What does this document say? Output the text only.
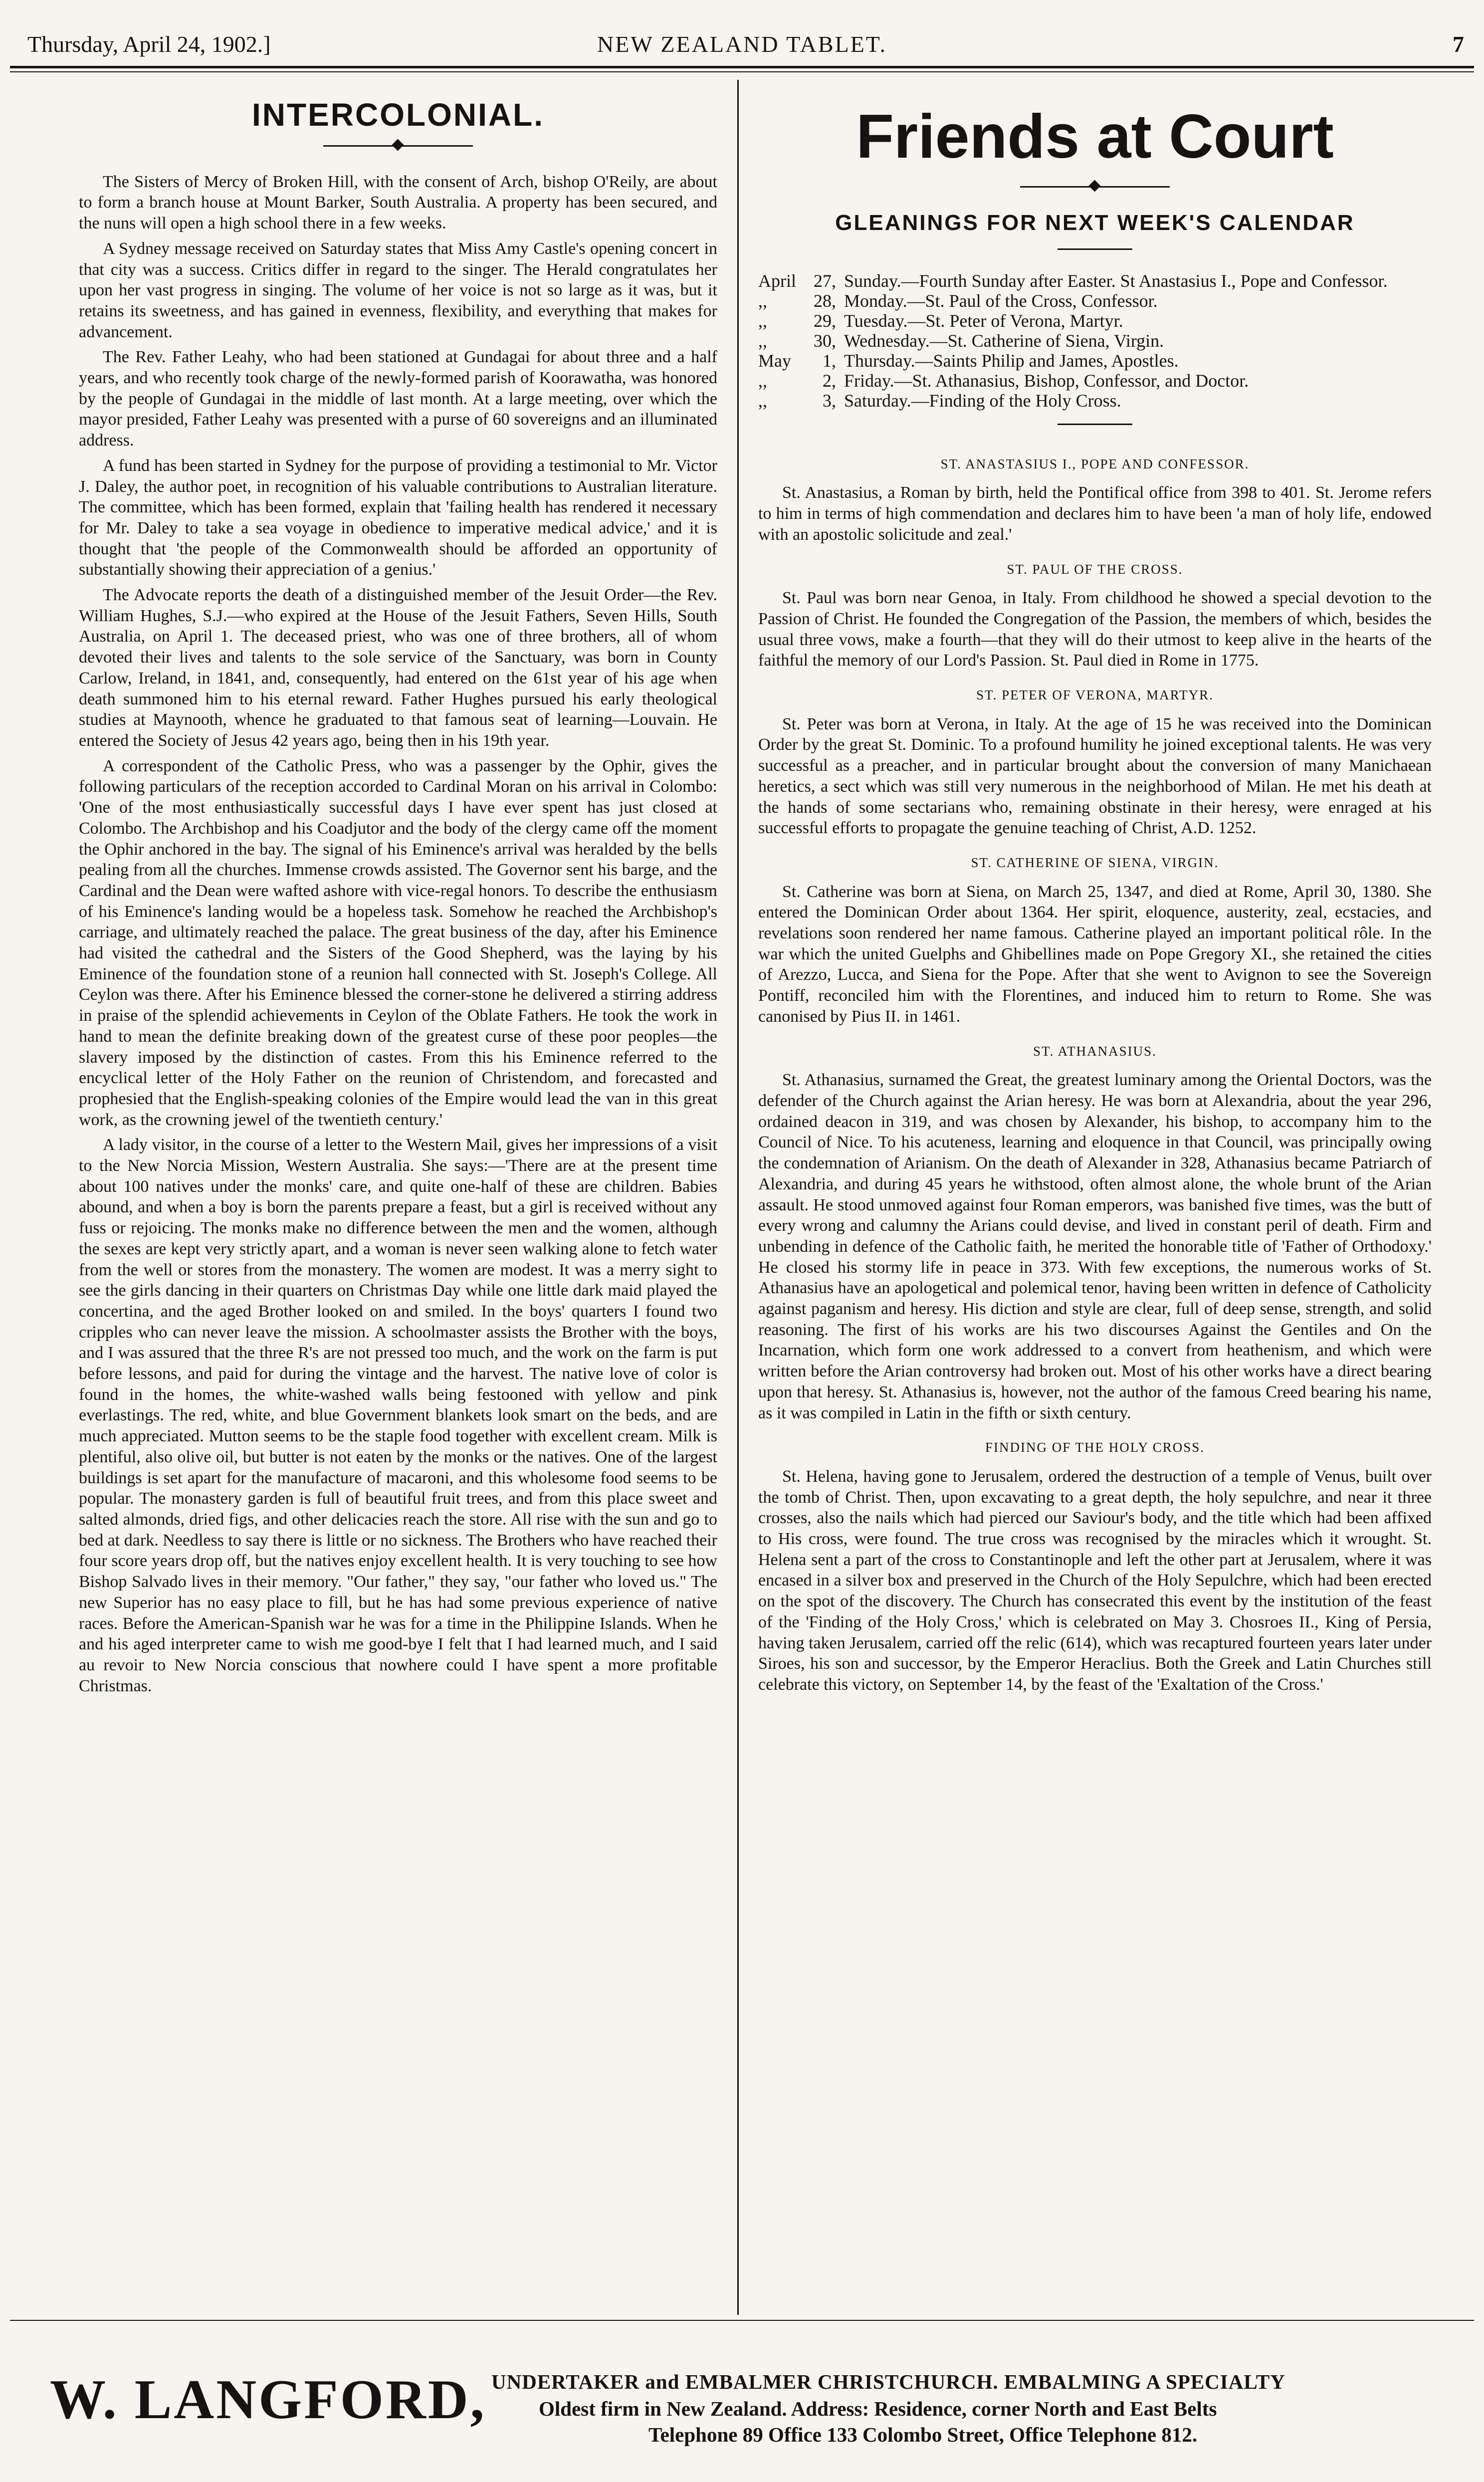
Thursday, April 24, 1902.]	NEW ZEALAND TABLET.	7
INTERCOLONIAL.

The Sisters of Mercy of Broken Hill, with the consent of Arch, bishop O'Reily, are about to form a branch house at Mount Barker, South Australia. A property has been secured, and the nuns will open a high school there in a few weeks.

A Sydney message received on Saturday states that Miss Amy Castle's opening concert in that city was a success. Critics differ in regard to the singer. The Herald congratulates her upon her vast progress in singing. The volume of her voice is not so large as it was, but it retains its sweetness, and has gained in evenness, flexibility, and everything that makes for advancement.

The Rev. Father Leahy, who had been stationed at Gundagai for about three and a half years, and who recently took charge of the newly-formed parish of Koorawatha, was honored by the people of Gundagai in the middle of last month. At a large meeting, over which the mayor presided, Father Leahy was presented with a purse of 60 sovereigns and an illuminated address.

A fund has been started in Sydney for the purpose of providing a testimonial to Mr. Victor J. Daley, the author poet, in recognition of his valuable contributions to Australian literature. The committee, which has been formed, explain that 'failing health has rendered it necessary for Mr. Daley to take a sea voyage in obedience to imperative medical advice,' and it is thought that 'the people of the Commonwealth should be afforded an opportunity of substantially showing their appreciation of a genius.'

The Advocate reports the death of a distinguished member of the Jesuit Order—the Rev. William Hughes, S.J.—who expired at the House of the Jesuit Fathers, Seven Hills, South Australia, on April 1. The deceased priest, who was one of three brothers, all of whom devoted their lives and talents to the sole service of the Sanctuary, was born in County Carlow, Ireland, in 1841, and, consequently, had entered on the 61st year of his age when death summoned him to his eternal reward. Father Hughes pursued his early theological studies at Maynooth, whence he graduated to that famous seat of learning—Louvain. He entered the Society of Jesus 42 years ago, being then in his 19th year.

A correspondent of the Catholic Press, who was a passenger by the Ophir, gives the following particulars of the reception accorded to Cardinal Moran on his arrival in Colombo: 'One of the most enthusiastically successful days I have ever spent has just closed at Colombo. The Archbishop and his Coadjutor and the body of the clergy came off the moment the Ophir anchored in the bay. The signal of his Eminence's arrival was heralded by the bells pealing from all the churches. Immense crowds assisted. The Governor sent his barge, and the Cardinal and the Dean were wafted ashore with vice-regal honors. To describe the enthusiasm of his Eminence's landing would be a hopeless task. Somehow he reached the Archbishop's carriage, and ultimately reached the palace. The great business of the day, after his Eminence had visited the cathedral and the Sisters of the Good Shepherd, was the laying by his Eminence of the foundation stone of a reunion hall connected with St. Joseph's College. All Ceylon was there. After his Eminence blessed the corner-stone he delivered a stirring address in praise of the splendid achievements in Ceylon of the Oblate Fathers. He took the work in hand to mean the definite breaking down of the greatest curse of these poor peoples—the slavery imposed by the distinction of castes. From this his Eminence referred to the encyclical letter of the Holy Father on the reunion of Christendom, and forecasted and prophesied that the English-speaking colonies of the Empire would lead the van in this great work, as the crowning jewel of the twentieth century.'

A lady visitor, in the course of a letter to the Western Mail, gives her impressions of a visit to the New Norcia Mission, Western Australia. She says:—'There are at the present time about 100 natives under the monks' care, and quite one-half of these are children. Babies abound, and when a boy is born the parents prepare a feast, but a girl is received without any fuss or rejoicing. The monks make no difference between the men and the women, although the sexes are kept very strictly apart, and a woman is never seen walking alone to fetch water from the well or stores from the monastery. The women are modest. It was a merry sight to see the girls dancing in their quarters on Christmas Day while one little dark maid played the concertina, and the aged Brother looked on and smiled. In the boys' quarters I found two cripples who can never leave the mission. A schoolmaster assists the Brother with the boys, and I was assured that the three R's are not pressed too much, and the work on the farm is put before lessons, and paid for during the vintage and the harvest. The native love of color is found in the homes, the white-washed walls being festooned with yellow and pink everlastings. The red, white, and blue Government blankets look smart on the beds, and are much appreciated. Mutton seems to be the staple food together with excellent cream. Milk is plentiful, also olive oil, but butter is not eaten by the monks or the natives. One of the largest buildings is set apart for the manufacture of macaroni, and this wholesome food seems to be popular. The monastery garden is full of beautiful fruit trees, and from this place sweet and salted almonds, dried figs, and other delicacies reach the store. All rise with the sun and go to bed at dark. Needless to say there is little or no sickness. The Brothers who have reached their four score years drop off, but the natives enjoy excellent health. It is very touching to see how Bishop Salvado lives in their memory. "Our father," they say, "our father who loved us." The new Superior has no easy place to fill, but he has had some previous experience of native races. Before the American-Spanish war he was for a time in the Philippine Islands. When he and his aged interpreter came to wish me good-bye I felt that I had learned much, and I said au revoir to New Norcia conscious that nowhere could I have spent a more profitable Christmas.

Friends at Court
GLEANINGS FOR NEXT WEEK'S CALENDAR
April	27,	Sunday.—Fourth Sunday after Easter. St Anastasius I., Pope and Confessor.
,,	28,	Monday.—St. Paul of the Cross, Confessor.
,,	29,	Tuesday.—St. Peter of Verona, Martyr.
,,	30,	Wednesday.—St. Catherine of Siena, Virgin.
May	1,	Thursday.—Saints Philip and James, Apostles.
,,	2,	Friday.—St. Athanasius, Bishop, Confessor, and Doctor.
,,	3,	Saturday.—Finding of the Holy Cross.
ST. ANASTASIUS I., POPE AND CONFESSOR.

St. Anastasius, a Roman by birth, held the Pontifical office from 398 to 401. St. Jerome refers to him in terms of high commendation and declares him to have been 'a man of holy life, endowed with an apostolic solicitude and zeal.'

ST. PAUL OF THE CROSS.

St. Paul was born near Genoa, in Italy. From childhood he showed a special devotion to the Passion of Christ. He founded the Congregation of the Passion, the members of which, besides the usual three vows, make a fourth—that they will do their utmost to keep alive in the hearts of the faithful the memory of our Lord's Passion. St. Paul died in Rome in 1775.

ST. PETER OF VERONA, MARTYR.

St. Peter was born at Verona, in Italy. At the age of 15 he was received into the Dominican Order by the great St. Dominic. To a profound humility he joined exceptional talents. He was very successful as a preacher, and in particular brought about the conversion of many Manichaean heretics, a sect which was still very numerous in the neighborhood of Milan. He met his death at the hands of some sectarians who, remaining obstinate in their heresy, were enraged at his successful efforts to propagate the genuine teaching of Christ, A.D. 1252.

ST. CATHERINE OF SIENA, VIRGIN.

St. Catherine was born at Siena, on March 25, 1347, and died at Rome, April 30, 1380. She entered the Dominican Order about 1364. Her spirit, eloquence, austerity, zeal, ecstacies, and revelations soon rendered her name famous. Catherine played an important political rôle. In the war which the united Guelphs and Ghibellines made on Pope Gregory XI., she retained the cities of Arezzo, Lucca, and Siena for the Pope. After that she went to Avignon to see the Sovereign Pontiff, reconciled him with the Florentines, and induced him to return to Rome. She was canonised by Pius II. in 1461.

ST. ATHANASIUS.

St. Athanasius, surnamed the Great, the greatest luminary among the Oriental Doctors, was the defender of the Church against the Arian heresy. He was born at Alexandria, about the year 296, ordained deacon in 319, and was chosen by Alexander, his bishop, to accompany him to the Council of Nice. To his acuteness, learning and eloquence in that Council, was principally owing the condemnation of Arianism. On the death of Alexander in 328, Athanasius became Patriarch of Alexandria, and during 45 years he withstood, often almost alone, the whole brunt of the Arian assault. He stood unmoved against four Roman emperors, was banished five times, was the butt of every wrong and calumny the Arians could devise, and lived in constant peril of death. Firm and unbending in defence of the Catholic faith, he merited the honorable title of 'Father of Orthodoxy.' He closed his stormy life in peace in 373. With few exceptions, the numerous works of St. Athanasius have an apologetical and polemical tenor, having been written in defence of Catholicity against paganism and heresy. His diction and style are clear, full of deep sense, strength, and solid reasoning. The first of his works are his two discourses Against the Gentiles and On the Incarnation, which form one work addressed to a convert from heathenism, and which were written before the Arian controversy had broken out. Most of his other works have a direct bearing upon that heresy. St. Athanasius is, however, not the author of the famous Creed bearing his name, as it was compiled in Latin in the fifth or sixth century.

FINDING OF THE HOLY CROSS.

St. Helena, having gone to Jerusalem, ordered the destruction of a temple of Venus, built over the tomb of Christ. Then, upon excavating to a great depth, the holy sepulchre, and near it three crosses, also the nails which had pierced our Saviour's body, and the title which had been affixed to His cross, were found. The true cross was recognised by the miracles which it wrought. St. Helena sent a part of the cross to Constantinople and left the other part at Jerusalem, where it was encased in a silver box and preserved in the Church of the Holy Sepulchre, which had been erected on the spot of the discovery. The Church has consecrated this event by the institution of the feast of the 'Finding of the Holy Cross,' which is celebrated on May 3. Chosroes II., King of Persia, having taken Jerusalem, carried off the relic (614), which was recaptured fourteen years later under Siroes, his son and successor, by the Emperor Heraclius. Both the Greek and Latin Churches still celebrate this victory, on September 14, by the feast of the 'Exaltation of the Cross.'

W. LANGFORD, UNDERTAKER and EMBALMER CHRISTCHURCH. EMBALMING A SPECIALTY
Oldest firm in New Zealand. Address: Residence, corner North and East Belts
Telephone 89 Office 133 Colombo Street, Office Telephone 812.
